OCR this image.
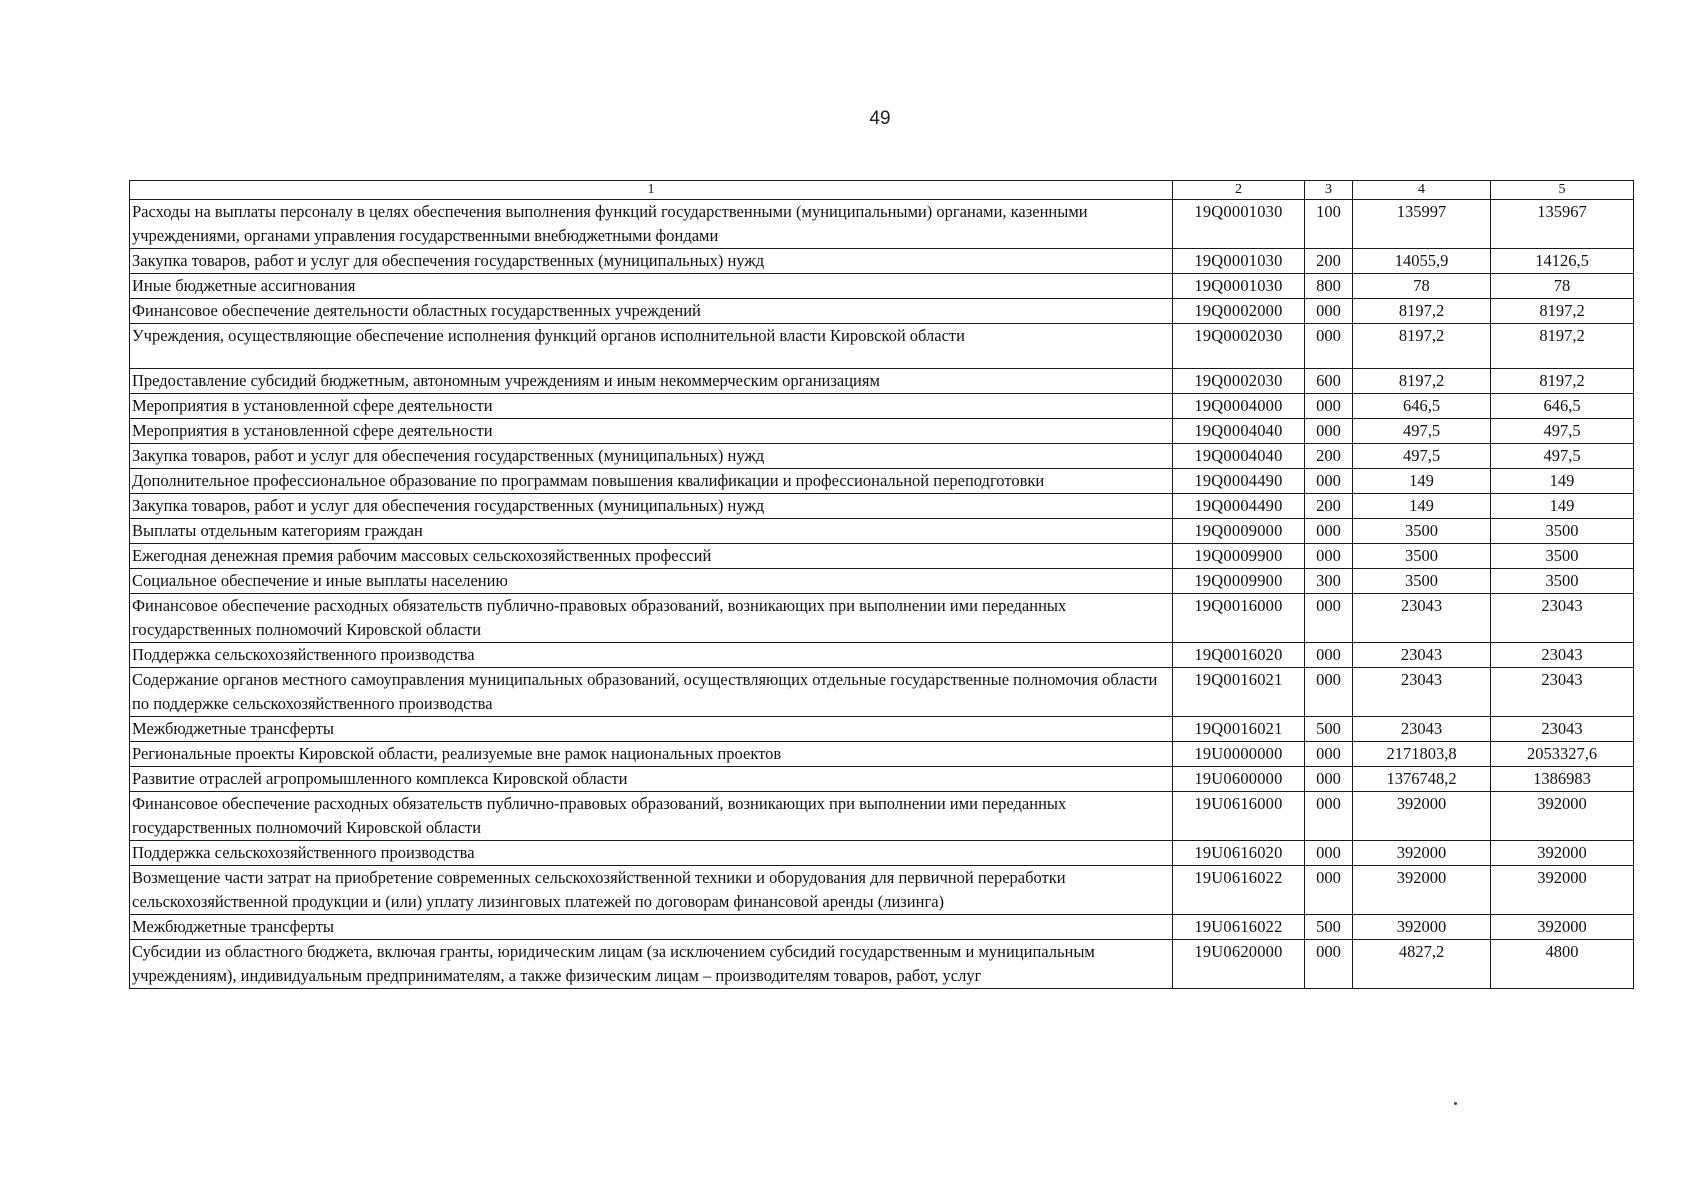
49
1	2	3	4	5
Расходы на выплаты персоналу в целях обеспечения выполнения функций государственными (муниципальными) органами, казенными учреждениями, органами управления государственными внебюджетными фондами	19Q0001030	100	135997	135967
Закупка товаров, работ и услуг для обеспечения государственных (муниципальных) нужд	19Q0001030	200	14055,9	14126,5
Иные бюджетные ассигнования	19Q0001030	800	78	78
Финансовое обеспечение деятельности областных государственных учреждений	19Q0002000	000	8197,2	8197,2
Учреждения, осуществляющие обеспечение исполнения функций органов исполнительной власти Кировской области	19Q0002030	000	8197,2	8197,2
Предоставление субсидий бюджетным, автономным учреждениям и иным некоммерческим организациям	19Q0002030	600	8197,2	8197,2
Мероприятия в установленной сфере деятельности	19Q0004000	000	646,5	646,5
Мероприятия в установленной сфере деятельности	19Q0004040	000	497,5	497,5
Закупка товаров, работ и услуг для обеспечения государственных (муниципальных) нужд	19Q0004040	200	497,5	497,5
Дополнительное профессиональное образование по программам повышения квалификации и профессиональной переподготовки	19Q0004490	000	149	149
Закупка товаров, работ и услуг для обеспечения государственных (муниципальных) нужд	19Q0004490	200	149	149
Выплаты отдельным категориям граждан	19Q0009000	000	3500	3500
Ежегодная денежная премия рабочим массовых сельскохозяйственных профессий	19Q0009900	000	3500	3500
Социальное обеспечение и иные выплаты населению	19Q0009900	300	3500	3500
Финансовое обеспечение расходных обязательств публично-правовых образований, возникающих при выполнении ими переданных государственных полномочий Кировской области	19Q0016000	000	23043	23043
Поддержка сельскохозяйственного производства	19Q0016020	000	23043	23043
Содержание органов местного самоуправления муниципальных образований, осуществляющих отдельные государственные полномочия области по поддержке сельскохозяйственного производства	19Q0016021	000	23043	23043
Межбюджетные трансферты	19Q0016021	500	23043	23043
Региональные проекты Кировской области, реализуемые вне рамок национальных проектов	19U0000000	000	2171803,8	2053327,6
Развитие отраслей агропромышленного комплекса Кировской области	19U0600000	000	1376748,2	1386983
Финансовое обеспечение расходных обязательств публично-правовых образований, возникающих при выполнении ими переданных государственных полномочий Кировской области	19U0616000	000	392000	392000
Поддержка сельскохозяйственного производства	19U0616020	000	392000	392000
Возмещение части затрат на приобретение современных сельскохозяйственной техники и оборудования для первичной переработки сельскохозяйственной продукции и (или) уплату лизинговых платежей по договорам финансовой аренды (лизинга)	19U0616022	000	392000	392000
Межбюджетные трансферты	19U0616022	500	392000	392000
Субсидии из областного бюджета, включая гранты, юридическим лицам (за исключением субсидий государственным и муниципальным учреждениям), индивидуальным предпринимателям, а также физическим лицам – производителям товаров, работ, услуг	19U0620000	000	4827,2	4800
